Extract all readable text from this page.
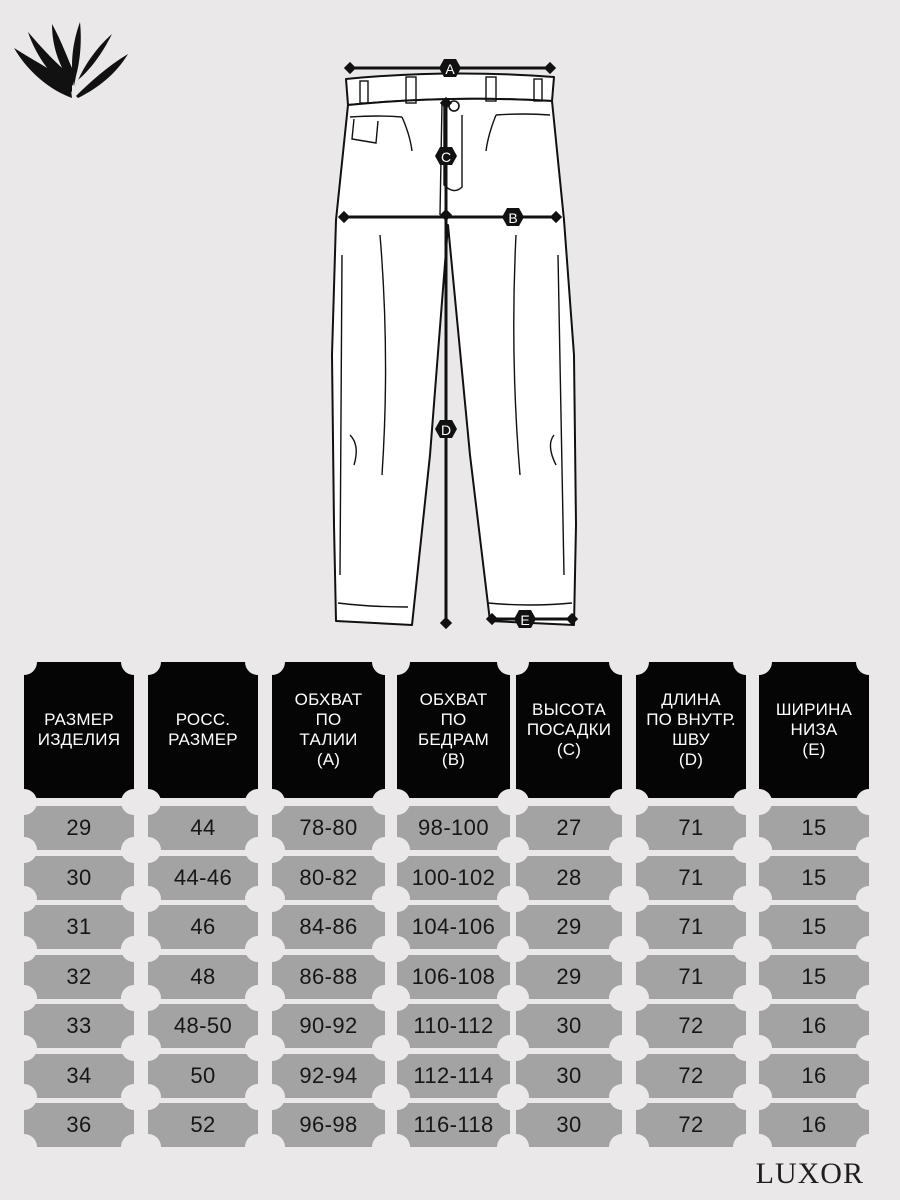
A
B
C
D
E
РАЗМЕР
ИЗДЕЛИЯ
29
30
31
32
33
34
36
РОСС.
РАЗМЕР
44
44-46
46
48
48-50
50
52
ОБХВАТ
ПО
ТАЛИИ
(A)
78-80
80-82
84-86
86-88
90-92
92-94
96-98
ОБХВАТ
ПО
БЕДРАМ
(B)
98-100
100-102
104-106
106-108
110-112
112-114
116-118
ВЫСОТА
ПОСАДКИ
(C)
27
28
29
29
30
30
30
ДЛИНА
ПО ВНУТР.
ШВУ
(D)
71
71
71
71
72
72
72
ШИРИНА
НИЗА
(E)
15
15
15
15
16
16
16
LUXOR
